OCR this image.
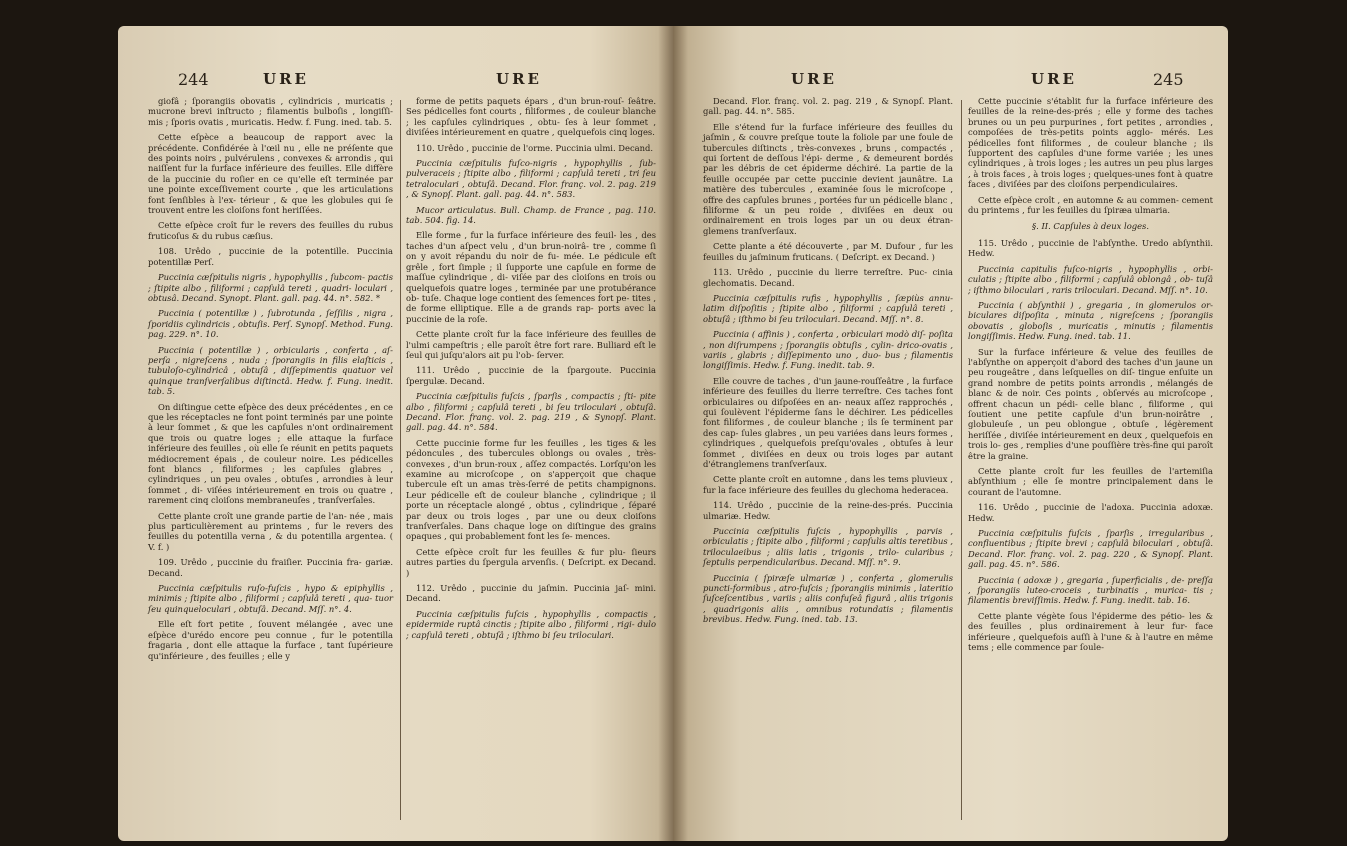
244	URE	URE

giofâ ; ſporangiis obovatis , cylindricis , muricatis ; mucrone brevi inſtructo ; filamentis bulboſis , longiſſi- mis ; ſporis ovatis , muricatis. Hedw. f. Fung. ined. tab. 5.

Cette eſpèce a beaucoup de rapport avec la précédente. Confidérée à l'œil nu , elle ne préſente que des points noirs , pulvérulens , convexes & arrondis , qui naiſſent fur la furface inférieure des feuilles. Elle diffère de la puccinie du roſier en ce qu'elle eſt terminée par une pointe exceſſivement courte , que les articulations font ſenſibles à l'ex- térieur , & que les globules qui ſe trouvent entre les cloiſons font heriſſées.

Cette eſpèce croît fur le revers des feuilles du rubus fruticoſus & du rubus cæſius.

108. Urêdo , puccinie de la potentille. Puccinia potentillæ Perſ.

Puccinia cæſpitulis nigris , hypophyllis , ſubcom- pactis ; ſtipite albo , filiformi ; capſulâ tereti , quadri- loculari , obtusâ. Decand. Synopt. Plant. gall. pag. 44. n°. 582. *

Puccinia ( potentillæ ) , ſubrotunda , ſeſſilis , nigra , ſporidiis cylindricis , obtuſis. Perſ. Synopſ. Method. Fung. pag. 229. n°. 10.

Puccinia ( potentillæ ) , orbicularis , conferta , aſ- perſa , nigreſcens , nuda ; ſporangiis in filis elaſticis , tubuloſo-cylindricâ , obtuſâ , diſſepimentis quatuor vel quinque tranſverſalibus diſtinctâ. Hedw. f. Fung. inedit. tab. 5.

On diſtingue cette eſpèce des deux précédentes , en ce que les réceptacles ne font point terminés par une pointe à leur ſommet , & que les capſules n'ont ordinairement que trois ou quatre loges ; elle attaque la furface inférieure des feuilles , où elle ſe réunit en petits paquets médiocrement épais , de couleur noire. Les pédicelles font blancs , filiformes ; les capſules glabres , cylindriques , un peu ovales , obtuſes , arrondies à leur ſommet , di- viſées intérieurement en trois ou quatre , rarement cinq cloiſons membraneuſes , tranſverſales.

Cette plante croît une grande partie de l'an- née , mais plus particulièrement au printems , fur le revers des feuilles du potentilla verna , & du potentilla argentea. ( V. f. )

109. Urêdo , puccinie du fraiſier. Puccinia fra- gariæ. Decand.

Puccinia cæſpitulis ruſo-fuſcis , hypo & epiphyllis , minimis ; ſtipite albo , filiformi ; capſulâ tereti , qua- tuor ſeu quinqueloculari , obtuſâ. Decand. Mſſ. n°. 4.

Elle eſt fort petite , ſouvent mélangée , avec une eſpèce d'urédo encore peu connue , fur le potentilla fragaria , dont elle attaque la furface , tant ſupérieure qu'inférieure , des feuilles ; elle y

forme de petits paquets épars , d'un brun-rouſ- ſeâtre. Ses pédicelles font courts , filiformes , de couleur blanche ; les capſules cylindriques , obtu- ſes à leur ſommet , diviſées intérieurement en quatre , quelquefois cinq loges.

110. Urêdo , puccinie de l'orme. Puccinia ulmi. Decand.

Puccinia cæſpitulis fuſco-nigris , hypophyllis , ſub- pulveraceis ; ſtipite albo , filiformi ; capſulâ tereti , tri ſeu tetraloculari , obtuſâ. Decand. Flor. franç. vol. 2. pag. 219 , & Synopſ. Plant. gall. pag. 44. n°. 583.

Mucor articulatus. Bull. Champ. de France , pag. 110. tab. 504. fig. 14.

Elle forme , fur la furface inférieure des feuil- les , des taches d'un aſpect velu , d'un brun-noirâ- tre , comme ſi on y avoit répandu du noir de fu- mée. Le pédicule eſt grêle , fort ſimple ; il ſupporte une capſule en forme de maſſue cylindrique , di- viſée par des cloiſons en trois ou quelquefois quatre loges , terminée par une protubérance ob- tuſe. Chaque loge contient des ſemences fort pe- tites , de forme elliptique. Elle a de grands rap- ports avec la puccinie de la roſe.

Cette plante croît fur la face inférieure des feuilles de l'ulmi campeſtris ; elle paroît être fort rare. Bulliard eſt le ſeul qui juſqu'alors ait pu l'ob- ſerver.

111. Urêdo , puccinie de la ſpargoute. Puccinia ſpergulæ. Decand.

Puccinia cæſpitulis fuſcis , ſparſis , compactis ; ſti- pite albo , filiformi ; capſulâ tereti , bi ſeu triloculari , obtuſâ. Decand. Flor. franç. vol. 2. pag. 219 , & Synopſ. Plant. gall. pag. 44. n°. 584.

Cette puccinie forme fur les feuilles , les tiges & les pédoncules , des tubercules oblongs ou ovales , très-convexes , d'un brun-roux , aſſez compactés. Lorſqu'on les examine au microſcope , on s'apperçoit que chaque tubercule eſt un amas très-ſerré de petits champignons. Leur pédicelle eſt de couleur blanche , cylindrique ; il porte un réceptacle alongé , obtus , cylindrique , ſéparé par deux ou trois loges , par une ou deux cloiſons tranſverſales. Dans chaque loge on diſtingue des grains opaques , qui probablement font les ſe- mences.

Cette eſpèce croît fur les feuilles & fur plu- ſieurs autres parties du ſpergula arvenſis. ( Deſcript. ex Decand. )

112. Urêdo , puccinie du jaſmin. Puccinia jaſ- mini. Decand.

Puccinia cæſpitulis fuſcis , hypophyllis , compactis , epidermide ruptâ cinctis ; ſtipite albo , filiformi , rigi- dulo ; capſulâ tereti , obtuſâ ; iſthmo bi ſeu triloculari.

URE	URE	245

Decand. Flor. franç. vol. 2. pag. 219 , & Synopſ. Plant. gall. pag. 44. n°. 585.

Elle s'étend fur la furface inférieure des feuilles du jaſmin , & couvre preſque toute la foliole par une foule de tubercules diſtincts , très-convexes , bruns , compactés , qui ſortent de deſſous l'épi- derme , & demeurent bordés par les débris de cet épiderme déchiré. La partie de la feuille occupée par cette puccinie devient jaunâtre. La matière des tubercules , examinée ſous le microſcope , offre des capſules brunes , portées fur un pédicelle blanc , filiforme & un peu roide , diviſées en deux ou ordinairement en trois loges par un ou deux étran- glemens tranſverſaux.

Cette plante a été découverte , par M. Dufour , fur les feuilles du jaſminum fruticans. ( Deſcript. ex Decand. )

113. Urêdo , puccinie du lierre terreſtre. Puc- cinia glechomatis. Decand.

Puccinia cæſpitulis rufis , hypophyllis , ſæpiùs annu- latim diſpoſitis ; ſtipite albo , filiformi ; capſulâ tereti , obtuſâ ; iſthmo bi ſeu triloculari. Decand. Mſſ. n°. 8.

Puccinia ( affinis ) , conferta , orbiculari modò diſ- poſita , non diſrumpens ; ſporangiis obtuſis , cylin- drico-ovatis , variis , glabris ; diſſepimento uno , duo- bus ; filamentis longiſſimis. Hedw. f. Fung. inedit. tab. 9.

Elle couvre de taches , d'un jaune-rouſſeâtre , la furface inférieure des feuilles du lierre terreſtre. Ces taches font orbiculaires ou diſpoſées en an- neaux aſſez rapprochés , qui ſoulèvent l'épiderme ſans le déchirer. Les pédicelles font filiformes , de couleur blanche ; ils ſe terminent par des cap- ſules glabres , un peu variées dans leurs formes , cylindriques , quelquefois preſqu'ovales , obtuſes à leur ſommet , diviſées en deux ou trois loges par autant d'étranglemens tranſverſaux.

Cette plante croît en automne , dans les tems pluvieux , fur la face inférieure des feuilles du glechoma hederacea.

114. Urêdo , puccinie de la reine-des-prés. Puccinia ulmariæ. Hedw.

Puccinia cæſpitulis fuſcis , hypophyllis , parvis , orbiculatis ; ſtipite albo , filiformi ; capſulis altis teretibus , triloculaeibus ; aliis latis , trigonis , trilo- cularibus ; ſeptulis perpendicularibus. Decand. Mſſ. n°. 9.

Puccinia ( ſpiræſe ulmariæ ) , conferta , glomerulis puncti-formibus , atro-fuſcis ; ſporangiis minimis , lateritio ſuſceſcentibus , variis ; aliis confuſeâ figurâ , aliis trigonis , quadrigonis aliis , omnibus rotundatis ; filamentis brevibus. Hedw. Fung. ined. tab. 13.

Cette puccinie s'établit fur la furface inférieure des feuilles de la reine-des-prés ; elle y forme des taches brunes ou un peu purpurines , fort petites , arrondies , compoſées de très-petits points agglo- mérés. Les pédicelles font filiformes , de couleur blanche ; ils ſupportent des capſules d'une forme variée ; les unes cylindriques , à trois loges ; les autres un peu plus larges , à trois faces , à trois loges ; quelques-unes font à quatre faces , diviſées par des cloiſons perpendiculaires.

Cette eſpèce croît , en automne & au commen- cement du printems , fur les feuilles du ſpiræa ulmaria.

§. II. Capſules à deux loges.

115. Urêdo , puccinie de l'abſynthe. Uredo abſynthii. Hedw.

Puccinia capitulis fuſco-nigris , hypophyllis , orbi- culatis ; ſtipite albo , filiformi ; capſulâ oblongâ , ob- tuſâ ; iſthmo biloculari , raris triloculari. Decand. Mſſ. n°. 10.

Puccinia ( abſynthii ) , gregaria , in glomerulos or- biculares diſpoſita , minuta , nigreſcens ; ſporangiis obovatis , globoſis , muricatis , minutis ; filamentis longiſſimis. Hedw. Fung. ined. tab. 11.

Sur la furface inférieure & velue des feuilles de l'abſynthe on apperçoit d'abord des taches d'un jaune un peu rougeâtre , dans leſquelles on diſ- tingue enſuite un grand nombre de petits points arrondis , mélangés de blanc & de noir. Ces points , obſervés au microſcope , offrent chacun un pédi- celle blanc , filiforme , qui ſoutient une petite capſule d'un brun-noirâtre , globuleuſe , un peu oblongue , obtuſe , légèrement heriſſée , diviſée intérieurement en deux , quelquefois en trois lo- ges , remplies d'une pouſſière très-fine qui paroît être la graine.

Cette plante croît fur les feuilles de l'artemiſia abſynthium ; elle ſe montre principalement dans le courant de l'automne.

116. Urêdo , puccinie de l'adoxa. Puccinia adoxæ. Hedw.

Puccinia cæſpitulis fuſcis , ſparſis , irregularibus , confluentibus ; ſtipite brevi ; capſulâ biloculari , obtuſâ. Decand. Flor. franç. vol. 2. pag. 220 , & Synopſ. Plant. gall. pag. 45. n°. 586.

Puccinia ( adoxæ ) , gregaria , ſuperficialis , de- preſſa , ſporangiis luteo-croceis , turbinatis , murica- tis ; filamentis breviſſimis. Hedw. f. Fung. inedit. tab. 16.

Cette plante végète ſous l'épiderme des pétio- les & des feuilles , plus ordinairement à leur fur- face inférieure , quelquefois auſſi à l'une & à l'autre en même tems ; elle commence par ſoule-
